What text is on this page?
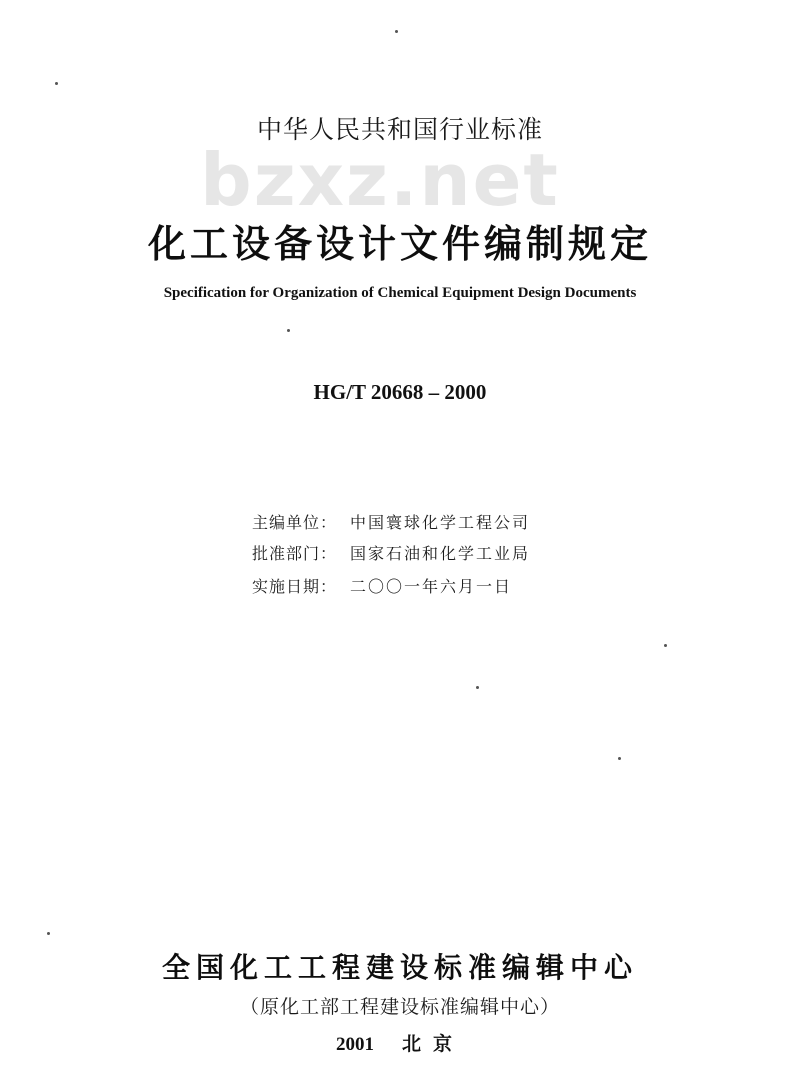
中华人民共和国行业标准
bzxz.net
化工设备设计文件编制规定
Specification for Organization of Chemical Equipment Design Documents
HG/T 20668 – 2000
主编单位： 中国寰球化学工程公司
批准部门： 国家石油和化学工业局
实施日期： 二〇〇一年六月一日
全国化工工程建设标准编辑中心
（原化工部工程建设标准编辑中心）
2001 北京
